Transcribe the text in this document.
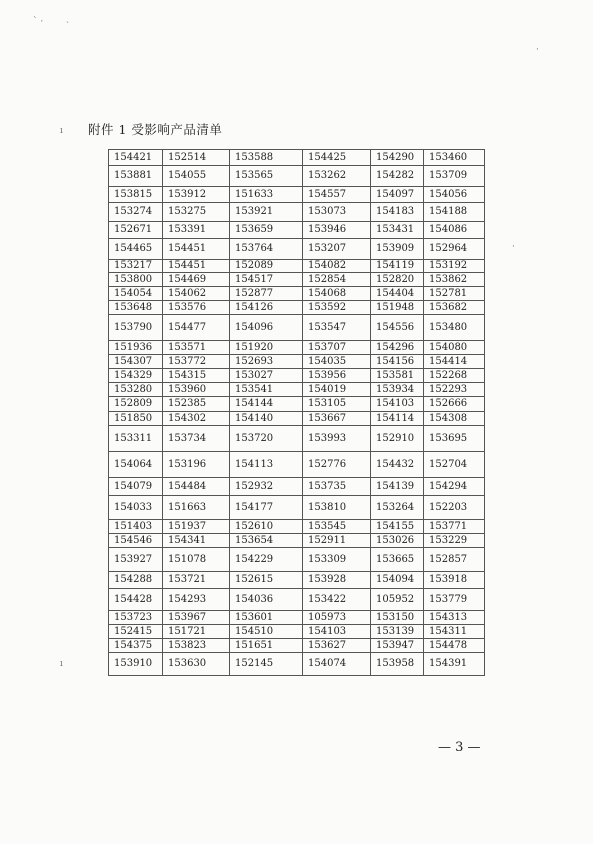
附件 1 受影响产品清单
154421	152514	153588	154425	154290	153460
153881	154055	153565	153262	154282	153709
153815	153912	151633	154557	154097	154056
153274	153275	153921	153073	154183	154188
152671	153391	153659	153946	153431	154086
154465	154451	153764	153207	153909	152964
153217	154451	152089	154082	154119	153192
153800	154469	154517	152854	152820	153862
154054	154062	152877	154068	154404	152781
153648	153576	154126	153592	151948	153682
153790	154477	154096	153547	154556	153480
151936	153571	151920	153707	154296	154080
154307	153772	152693	154035	154156	154414
154329	154315	153027	153956	153581	152268
153280	153960	153541	154019	153934	152293
152809	152385	154144	153105	154103	152666
151850	154302	154140	153667	154114	154308
153311	153734	153720	153993	152910	153695
154064	153196	154113	152776	154432	152704
154079	154484	152932	153735	154139	154294
154033	151663	154177	153810	153264	152203
151403	151937	152610	153545	154155	153771
154546	154341	153654	152911	153026	153229
153927	151078	154229	153309	153665	152857
154288	153721	152615	153928	154094	153918
154428	154293	154036	153422	105952	153779
153723	153967	153601	105973	153150	154313
152415	151721	154510	154103	153139	154311
154375	153823	151651	153627	153947	154478
153910	153630	152145	154074	153958	154391
— 3 —
ˋ ·	˴
ı
·
·
ı
